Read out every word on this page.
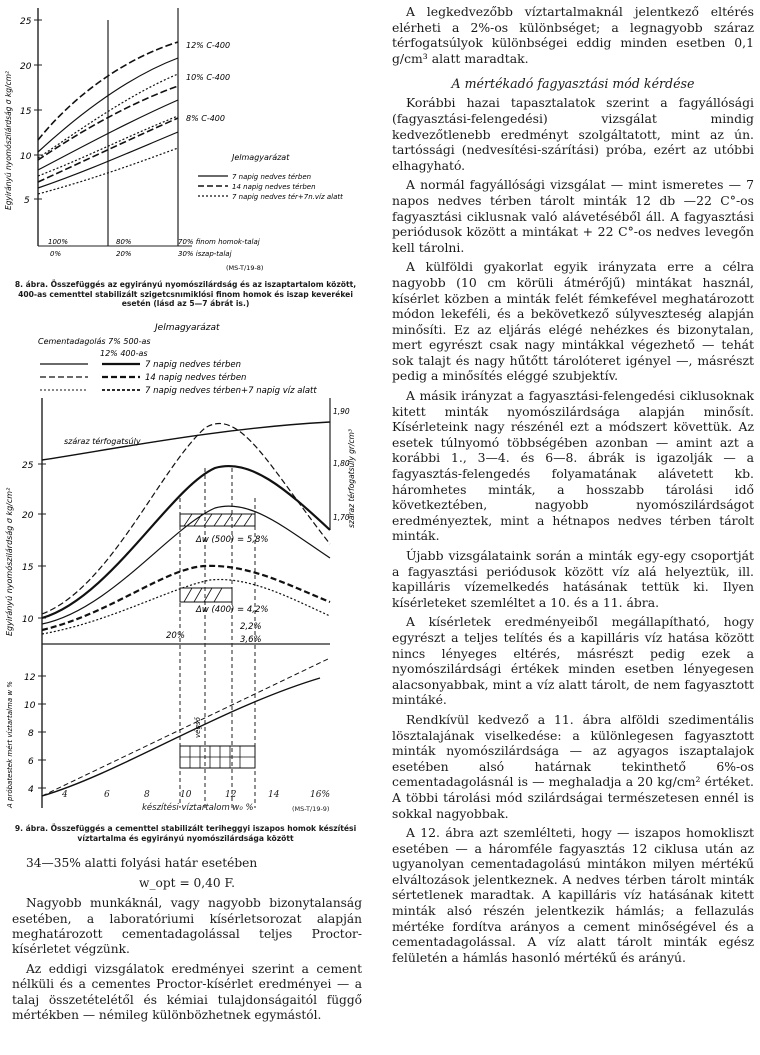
5
10
15
20
25
Egyirányú nyomószilárdság σ kg/cm²
12% C-400
10% C-400
8% C-400
Jelmagyarázat
7 napig nedves térben
14 napig nedves térben
7 napig nedves tér+7n.víz alatt
100%	80%	70% finom homok-talaj
0%	20%	30% iszap-talaj
(MS-T/19-8)

8. ábra. Összefüggés az egyirányú nyomószilárdság és az iszaptartalom között, 400-as cementtel stabilizált szigetcsnımiklósi finom homok és iszap keverékei esetén (lásd az 5—7 ábrát is.)

Jelmagyarázat
Cementadagolás 7% 500-as
12% 400-as
7 napig nedves térben
14 napig nedves térben
7 napig nedves térben+7 napig víz alatt
10
15
20
25
Egyirányú nyomószilárdság σ kg/cm²
1,90
1,80
1,70
száraz térfogatsúly gr/cm³
száraz térfogatsúly
Δw (500) = 5,8%
Δw (400) = 4,2%
2,2%
3,6%
20%
4
6
8
10
12
A próbatestek mért víztartalma w %	végső
4	6	8	10	12	14	16%
készítési víztartalom w₀ %	(MS-T/19-9)

9. ábra. Összefüggés a cementtel stabilizált teriheggyi iszapos homok készítési víztartalma és egyirányú nyomószilárdsága között

34—35% alatti folyási határ esetében

w_opt = 0,40 F.

Nagyobb munkáknál, vagy nagyobb bizonytalanság esetében, a laboratóriumi kísérletsorozat alapján meghatározott cementadagolással teljes Proctor-kísérletet végzünk.

Az eddigi vizsgálatok eredményei szerint a cement nélküli és a cementes Proctor-kísérlet eredményei — a talaj összetételétől és kémiai tulajdonságaitól függő mértékben — némileg különbözhetnek egymástól.

A legkedvezőbb víztartalmaknál jelentkező eltérés elérheti a 2%-os különbséget; a legnagyobb száraz térfogatsúlyok különbségei eddig minden esetben 0,1 g/cm³ alatt maradtak.

A mértékadó fagyasztási mód kérdése

Korábbi hazai tapasztalatok szerint a fagyállósági (fagyasztási-felengedési) vizsgálat mindig kedvezőtlenebb eredményt szolgáltatott, mint az ún. tartóssági (nedvesítési-szárítási) próba, ezért az utóbbi elhagyható.

A normál fagyállósági vizsgálat — mint ismeretes — 7 napos nedves térben tárolt minták 12 db —22 C°-os fagyasztási ciklusnak való alávetéséből áll. A fagyasztási periódusok között a mintákat + 22 C°-os nedves levegőn kell tárolni.

A külföldi gyakorlat egyik irányzata erre a célra nagyobb (10 cm körüli átmérőjű) mintákat használ, kísérlet közben a minták felét fémkefével meghatározott módon lekeféli, és a bekövetkező súlyveszteség alapján minősíti. Ez az eljárás elégé nehézkes és bizonytalan, mert egyrészt csak nagy mintákkal végezhető — tehát sok talajt és nagy hűtőtt tárolóteret igényel —, másrészt pedig a minősítés eléggé szubjektív.

A másik irányzat a fagyasztási-felengedési ciklusoknak kitett minták nyomószilárdsága alapján minősít. Kísérleteink nagy részénél ezt a módszert követtük. Az esetek túlnyomó többségében azonban — amint azt a korábbi 1., 3—4. és 6—8. ábrák is igazolják — a fagyasztás-felengedés folyamatának alávetett kb. háromhetes minták, a hosszabb tárolási idő következtében, nagyobb nyomószilárdságot eredményeztek, mint a hétnapos nedves térben tárolt minták.

Újabb vizsgálataink során a minták egy-egy csoportját a fagyasztási periódusok között víz alá helyeztük, ill. kapilláris vízemelkedés hatásának tettük ki. Ilyen kísérleteket szemléltet a 10. és a 11. ábra.

A kísérletek eredményeiből megállapítható, hogy egyrészt a teljes telítés és a kapilláris víz hatása között nincs lényeges eltérés, másrészt pedig ezek a nyomószilárdsági értékek minden esetben lényegesen alacsonyabbak, mint a víz alatt tárolt, de nem fagyasztott mintáké.

Rendkívül kedvező a 11. ábra alföldi szedimentális lösztalajának viselkedése: a különlegesen fagyasztott minták nyomószilárdsága — az agyagos iszaptalajok esetében alsó határnak tekinthető 6%-os cementadagolásnál is — meghaladja a 20 kg/cm² értéket. A többi tárolási mód szilárdságai természetesen ennél is sokkal nagyobbak.

A 12. ábra azt szemlélteti, hogy — iszapos homokliszt esetében — a háromféle fagyasztás 12 ciklusa után az ugyanolyan cementadagolású mintákon milyen mértékű elváltozások jelentkeznek. A nedves térben tárolt minták sértetlenek maradtak. A kapilláris víz hatásának kitett minták alsó részén jelentkezik hámlás; a fellazulás mértéke fordítva arányos a cement minőségével és a cementadagolással. A víz alatt tárolt minták egész felületén a hámlás hasonló mértékű és arányú.
